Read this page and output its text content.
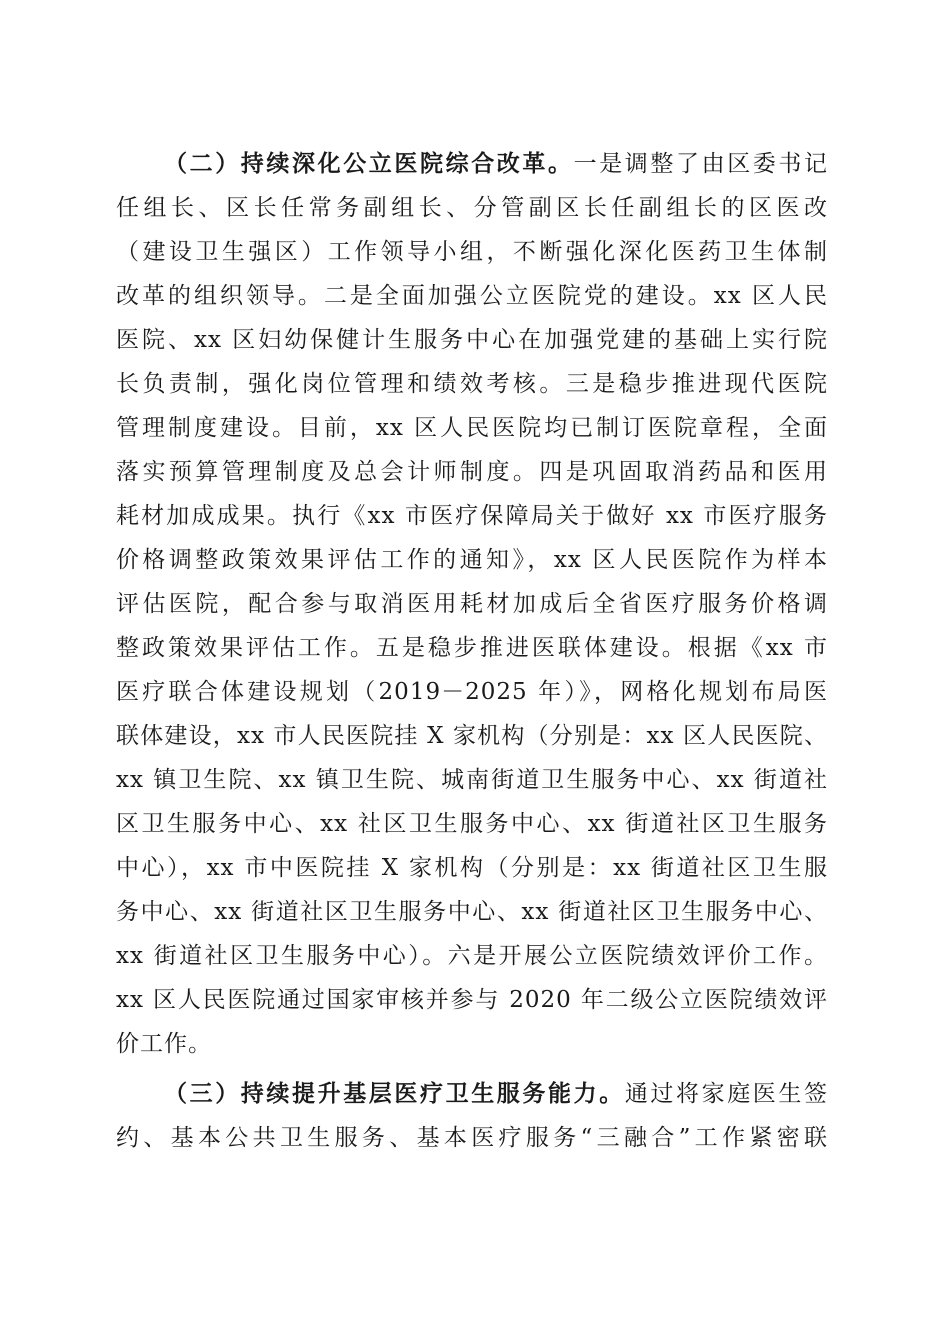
（二）持续深化公立医院综合改革。一是调整了由区委书记
任组长、区长任常务副组长、分管副区长任副组长的区医改
（建设卫生强区）工作领导小组，不断强化深化医药卫生体制
改革的组织领导。二是全面加强公立医院党的建设。xx 区人民
医院、xx 区妇幼保健计生服务中心在加强党建的基础上实行院
长负责制，强化岗位管理和绩效考核。三是稳步推进现代医院
管理制度建设。目前，xx 区人民医院均已制订医院章程，全面
落实预算管理制度及总会计师制度。四是巩固取消药品和医用
耗材加成成果。执行《xx 市医疗保障局关于做好 xx 市医疗服务
价格调整政策效果评估工作的通知》，xx 区人民医院作为样本
评估医院，配合参与取消医用耗材加成后全省医疗服务价格调
整政策效果评估工作。五是稳步推进医联体建设。根据《xx 市
医疗联合体建设规划（2019－2025 年）》，网格化规划布局医
联体建设，xx 市人民医院挂 X 家机构（分别是：xx 区人民医院、
xx 镇卫生院、xx 镇卫生院、城南街道卫生服务中心、xx 街道社
区卫生服务中心、xx 社区卫生服务中心、xx 街道社区卫生服务
中心），xx 市中医院挂 X 家机构（分别是：xx 街道社区卫生服
务中心、xx 街道社区卫生服务中心、xx 街道社区卫生服务中心、
xx 街道社区卫生服务中心）。六是开展公立医院绩效评价工作。
xx 区人民医院通过国家审核并参与 2020 年二级公立医院绩效评
价工作。
（三）持续提升基层医疗卫生服务能力。通过将家庭医生签
约、基本公共卫生服务、基本医疗服务“三融合”工作紧密联
